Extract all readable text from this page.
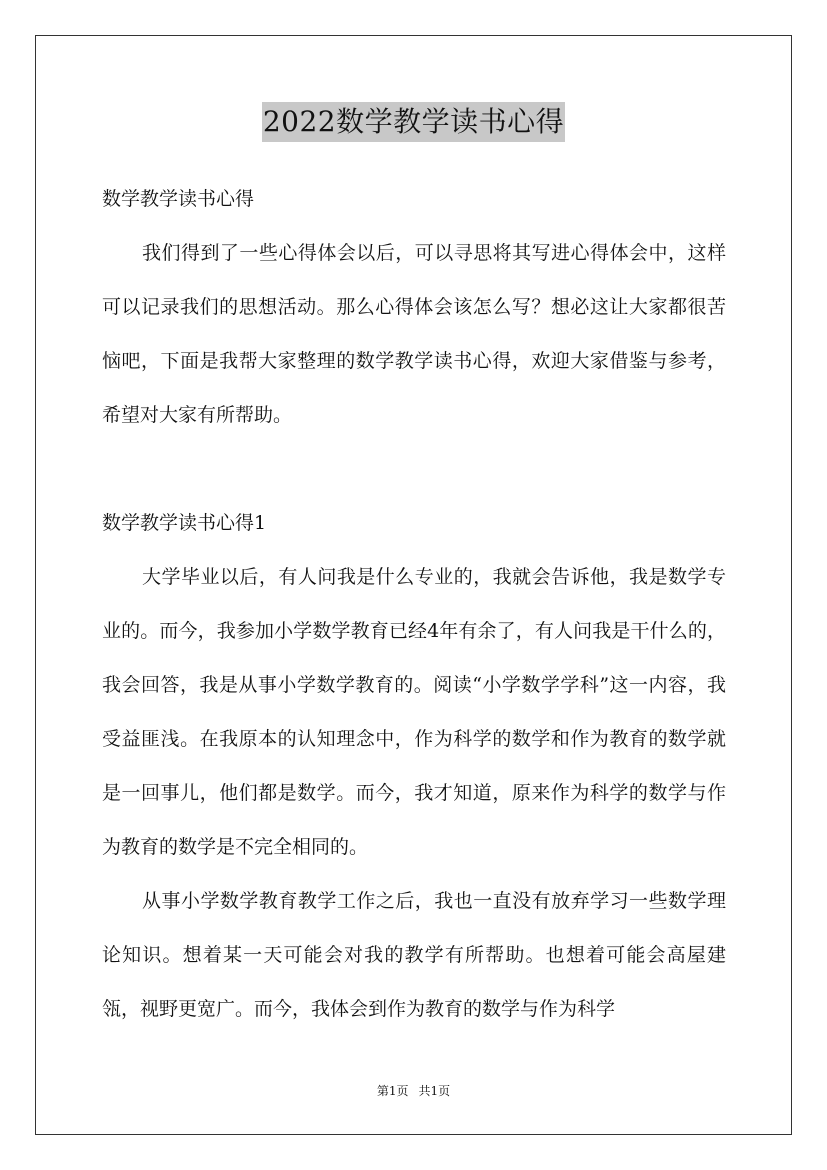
2022数学教学读书心得

数学教学读书心得

我们得到了一些心得体会以后，可以寻思将其写进心得体会中，这样可以记录我们的思想活动。那么心得体会该怎么写？想必这让大家都很苦恼吧，下面是我帮大家整理的数学教学读书心得，欢迎大家借鉴与参考，希望对大家有所帮助。

数学教学读书心得1

大学毕业以后，有人问我是什么专业的，我就会告诉他，我是数学专业的。而今，我参加小学数学教育已经4年有余了，有人问我是干什么的，我会回答，我是从事小学数学教育的。阅读“小学数学学科”这一内容，我受益匪浅。在我原本的认知理念中，作为科学的数学和作为教育的数学就是一回事儿，他们都是数学。而今，我才知道，原来作为科学的数学与作为教育的数学是不完全相同的。

从事小学数学教育教学工作之后，我也一直没有放弃学习一些数学理论知识。想着某一天可能会对我的教学有所帮助。也想着可能会高屋建瓴，视野更宽广。而今，我体会到作为教育的数学与作为科学

第1页 共1页
